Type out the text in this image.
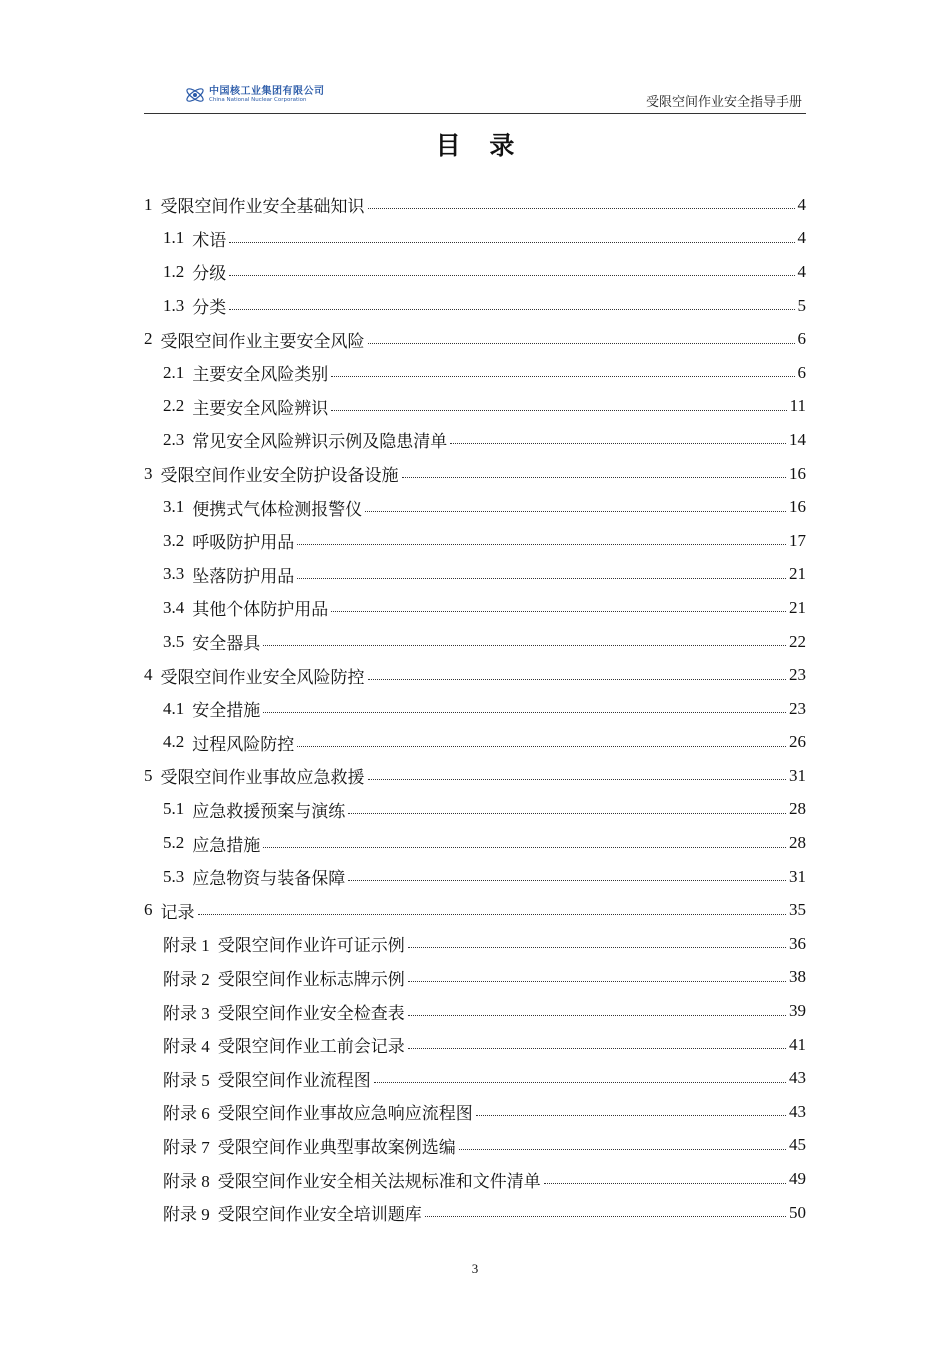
中国核工业集团有限公司
China National Nuclear Corporation	受限空间作业安全指导手册
目 录
1 受限空间作业安全基础知识	4
1.1 术语	4
1.2 分级	4
1.3 分类	5
2 受限空间作业主要安全风险	6
2.1 主要安全风险类别	6
2.2 主要安全风险辨识	11
2.3 常见安全风险辨识示例及隐患清单	14
3 受限空间作业安全防护设备设施	16
3.1 便携式气体检测报警仪	16
3.2 呼吸防护用品	17
3.3 坠落防护用品	21
3.4 其他个体防护用品	21
3.5 安全器具	22
4 受限空间作业安全风险防控	23
4.1 安全措施	23
4.2 过程风险防控	26
5 受限空间作业事故应急救援	31
5.1 应急救援预案与演练	28
5.2 应急措施	28
5.3 应急物资与装备保障	31
6 记录	35
附录 1 受限空间作业许可证示例	36
附录 2 受限空间作业标志牌示例	38
附录 3 受限空间作业安全检查表	39
附录 4 受限空间作业工前会记录	41
附录 5 受限空间作业流程图	43
附录 6 受限空间作业事故应急响应流程图	43
附录 7 受限空间作业典型事故案例选编	45
附录 8 受限空间作业安全相关法规标准和文件清单	49
附录 9 受限空间作业安全培训题库	50
3
